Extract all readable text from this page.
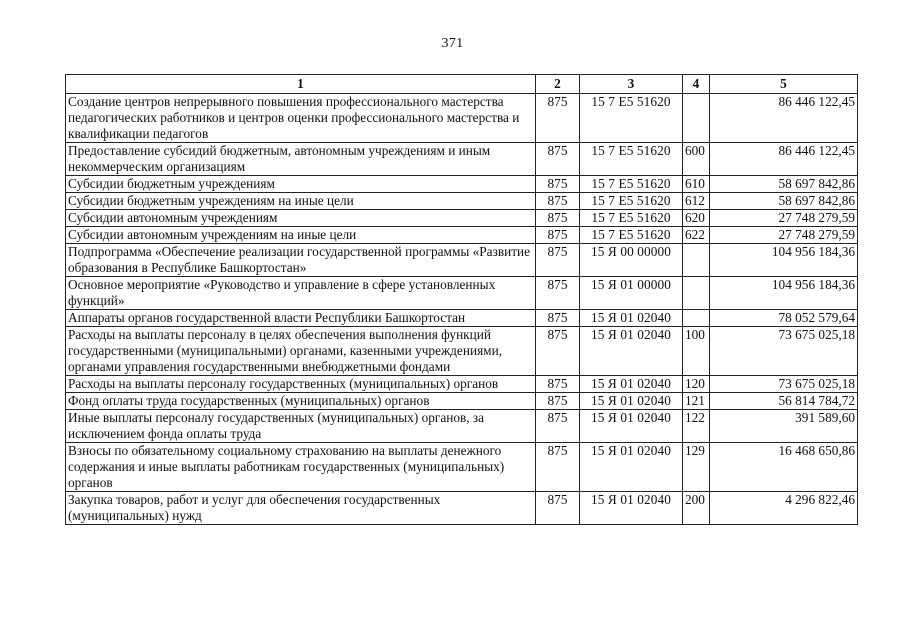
371
1	2	3	4	5
Создание центров непрерывного повышения профессионального мастерства педагогических работников и центров оценки профессионального мастерства и квалификации педагогов	875	15 7 E5 51620		86 446 122,45
Предоставление субсидий бюджетным, автономным учреждениям и иным некоммерческим организациям	875	15 7 E5 51620	600	86 446 122,45
Субсидии бюджетным учреждениям	875	15 7 E5 51620	610	58 697 842,86
Субсидии бюджетным учреждениям на иные цели	875	15 7 E5 51620	612	58 697 842,86
Субсидии автономным учреждениям	875	15 7 E5 51620	620	27 748 279,59
Субсидии автономным учреждениям на иные цели	875	15 7 E5 51620	622	27 748 279,59
Подпрограмма «Обеспечение реализации государственной программы «Развитие образования в Республике Башкортостан»	875	15 Я 00 00000		104 956 184,36
Основное мероприятие «Руководство и управление в сфере установленных функций»	875	15 Я 01 00000		104 956 184,36
Аппараты органов государственной власти Республики Башкортостан	875	15 Я 01 02040		78 052 579,64
Расходы на выплаты персоналу в целях обеспечения выполнения функций государственными (муниципальными) органами, казенными учреждениями, органами управления государственными внебюджетными фондами	875	15 Я 01 02040	100	73 675 025,18
Расходы на выплаты персоналу государственных (муниципальных) органов	875	15 Я 01 02040	120	73 675 025,18
Фонд оплаты труда государственных (муниципальных) органов	875	15 Я 01 02040	121	56 814 784,72
Иные выплаты персоналу государственных (муниципальных) органов, за исключением фонда оплаты труда	875	15 Я 01 02040	122	391 589,60
Взносы по обязательному социальному страхованию на выплаты денежного содержания и иные выплаты работникам государственных (муниципальных) органов	875	15 Я 01 02040	129	16 468 650,86
Закупка товаров, работ и услуг для обеспечения государственных (муниципальных) нужд	875	15 Я 01 02040	200	4 296 822,46
